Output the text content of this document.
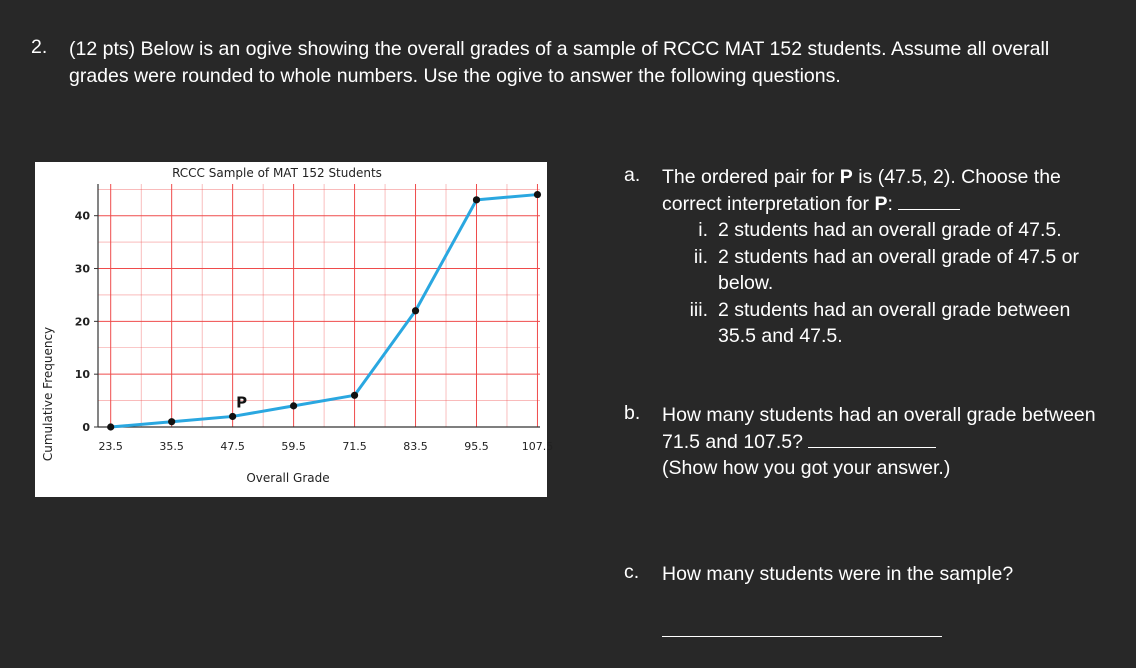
2. (12 pts) Below is an ogive showing the overall grades of a sample of RCCC MAT 152 students. Assume all overall grades were rounded to whole numbers. Use the ogive to answer the following questions.
23.5	35.5	47.5	59.5	71.5	83.5	95.5	107.5
0
10
20
30
40
P
RCCC Sample of MAT 152 Students
Overall Grade
Cumulative Frequency
a. The ordered pair for P is (47.5, 2). Choose the correct interpretation for P:
i. 2 students had an overall grade of 47.5.
ii. 2 students had an overall grade of 47.5 or below.
iii. 2 students had an overall grade between 35.5 and 47.5.
b. How many students had an overall grade between 71.5 and 107.5?
(Show how you got your answer.)
c. How many students were in the sample?
